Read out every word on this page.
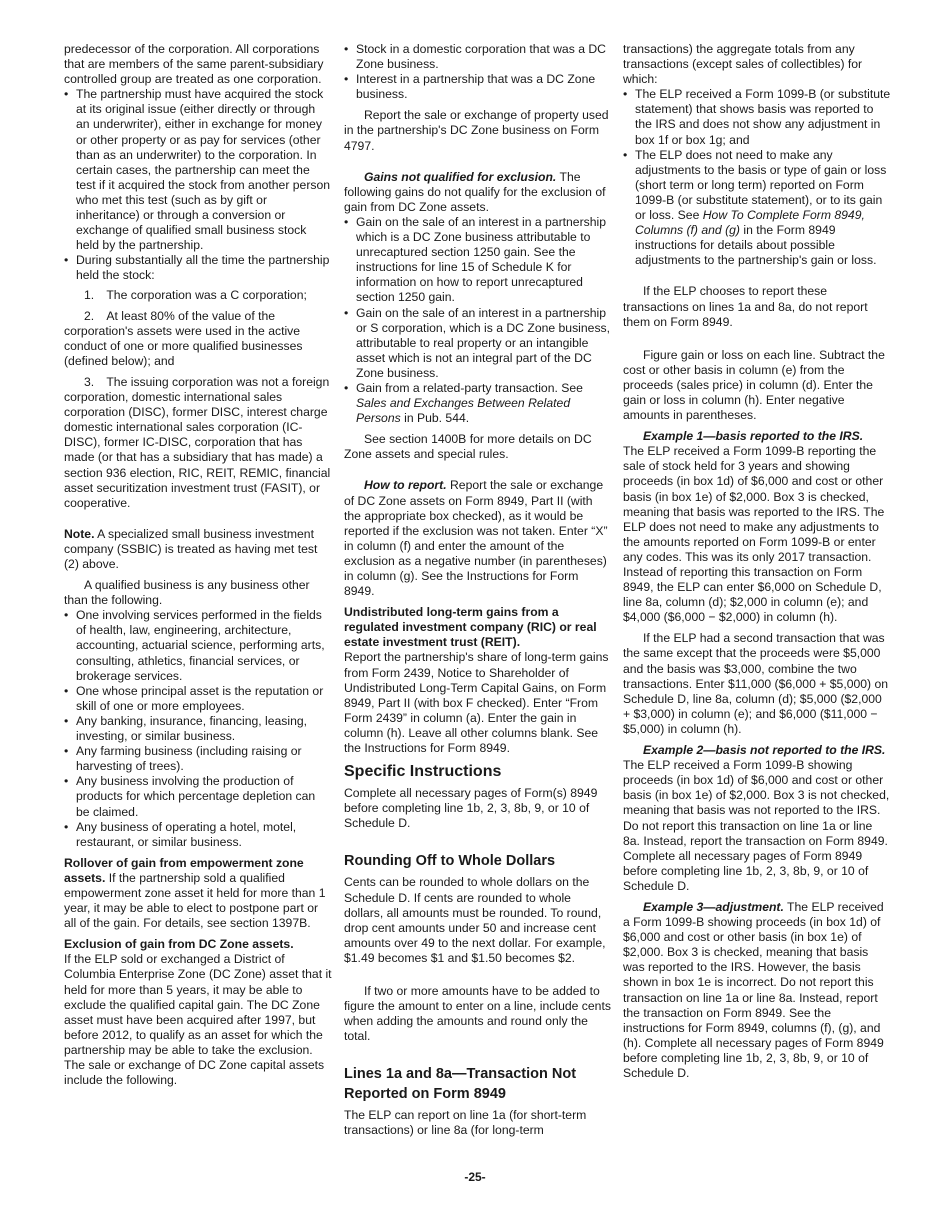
predecessor of the corporation. All corporations that are members of the same parent-subsidiary controlled group are treated as one corporation.

• The partnership must have acquired the stock at its original issue (either directly or through an underwriter), either in exchange for money or other property or as pay for services (other than as an underwriter) to the corporation. In certain cases, the partnership can meet the test if it acquired the stock from another person who met this test (such as by gift or inheritance) or through a conversion or exchange of qualified small business stock held by the partnership.

• During substantially all the time the partnership held the stock:

1. The corporation was a C corporation;

2. At least 80% of the value of the corporation's assets were used in the active conduct of one or more qualified businesses (defined below); and

3. The issuing corporation was not a foreign corporation, domestic international sales corporation (DISC), former DISC, interest charge domestic international sales corporation (IC-DISC), former IC-DISC, corporation that has made (or that has a subsidiary that has made) a section 936 election, RIC, REIT, REMIC, financial asset securitization investment trust (FASIT), or cooperative.

Note. A specialized small business investment company (SSBIC) is treated as having met test (2) above.

A qualified business is any business other than the following.

• One involving services performed in the fields of health, law, engineering, architecture, accounting, actuarial science, performing arts, consulting, athletics, financial services, or brokerage services.

• One whose principal asset is the reputation or skill of one or more employees.

• Any banking, insurance, financing, leasing, investing, or similar business.

• Any farming business (including raising or harvesting of trees).

• Any business involving the production of products for which percentage depletion can be claimed.

• Any business of operating a hotel, motel, restaurant, or similar business.

Rollover of gain from empowerment zone assets. If the partnership sold a qualified empowerment zone asset it held for more than 1 year, it may be able to elect to postpone part or all of the gain. For details, see section 1397B.

Exclusion of gain from DC Zone assets.

If the ELP sold or exchanged a District of Columbia Enterprise Zone (DC Zone) asset that it held for more than 5 years, it may be able to exclude the qualified capital gain. The DC Zone asset must have been acquired after 1997, but before 2012, to qualify as an asset for which the partnership may be able to take the exclusion. The sale or exchange of DC Zone capital assets include the following.

• Stock in a domestic corporation that was a DC Zone business.

• Interest in a partnership that was a DC Zone business.

Report the sale or exchange of property used in the partnership's DC Zone business on Form 4797.

Gains not qualified for exclusion. The following gains do not qualify for the exclusion of gain from DC Zone assets.

• Gain on the sale of an interest in a partnership which is a DC Zone business attributable to unrecaptured section 1250 gain. See the instructions for line 15 of Schedule K for information on how to report unrecaptured section 1250 gain.

• Gain on the sale of an interest in a partnership or S corporation, which is a DC Zone business, attributable to real property or an intangible asset which is not an integral part of the DC Zone business.

• Gain from a related-party transaction. See Sales and Exchanges Between Related Persons in Pub. 544.

See section 1400B for more details on DC Zone assets and special rules.

How to report. Report the sale or exchange of DC Zone assets on Form 8949, Part II (with the appropriate box checked), as it would be reported if the exclusion was not taken. Enter “X” in column (f) and enter the amount of the exclusion as a negative number (in parentheses) in column (g). See the Instructions for Form 8949.

Undistributed long-term gains from a regulated investment company (RIC) or real estate investment trust (REIT).

Report the partnership's share of long-term gains from Form 2439, Notice to Shareholder of Undistributed Long-Term Capital Gains, on Form 8949, Part II (with box F checked). Enter “From Form 2439” in column (a). Enter the gain in column (h). Leave all other columns blank. See the Instructions for Form 8949.

Specific Instructions

Complete all necessary pages of Form(s) 8949 before completing line 1b, 2, 3, 8b, 9, or 10 of Schedule D.

Rounding Off to Whole Dollars

Cents can be rounded to whole dollars on the Schedule D. If cents are rounded to whole dollars, all amounts must be rounded. To round, drop cent amounts under 50 and increase cent amounts over 49 to the next dollar. For example, $1.49 becomes $1 and $1.50 becomes $2.

If two or more amounts have to be added to figure the amount to enter on a line, include cents when adding the amounts and round only the total.

Lines 1a and 8a—Transaction Not Reported on Form 8949

The ELP can report on line 1a (for short-term transactions) or line 8a (for long-term

transactions) the aggregate totals from any transactions (except sales of collectibles) for which:

• The ELP received a Form 1099-B (or substitute statement) that shows basis was reported to the IRS and does not show any adjustment in box 1f or box 1g; and

• The ELP does not need to make any adjustments to the basis or type of gain or loss (short term or long term) reported on Form 1099-B (or substitute statement), or to its gain or loss. See How To Complete Form 8949, Columns (f) and (g) in the Form 8949 instructions for details about possible adjustments to the partnership's gain or loss.

If the ELP chooses to report these transactions on lines 1a and 8a, do not report them on Form 8949.

Figure gain or loss on each line. Subtract the cost or other basis in column (e) from the proceeds (sales price) in column (d). Enter the gain or loss in column (h). Enter negative amounts in parentheses.

Example 1—basis reported to the IRS.

The ELP received a Form 1099-B reporting the sale of stock held for 3 years and showing proceeds (in box 1d) of $6,000 and cost or other basis (in box 1e) of $2,000. Box 3 is checked, meaning that basis was reported to the IRS. The ELP does not need to make any adjustments to the amounts reported on Form 1099-B or enter any codes. This was its only 2017 transaction. Instead of reporting this transaction on Form 8949, the ELP can enter $6,000 on Schedule D, line 8a, column (d); $2,000 in column (e); and $4,000 ($6,000 − $2,000) in column (h).

If the ELP had a second transaction that was the same except that the proceeds were $5,000 and the basis was $3,000, combine the two transactions. Enter $11,000 ($6,000 + $5,000) on Schedule D, line 8a, column (d); $5,000 ($2,000 + $3,000) in column (e); and $6,000 ($11,000 − $5,000) in column (h).

Example 2—basis not reported to the IRS. The ELP received a Form 1099-B showing proceeds (in box 1d) of $6,000 and cost or other basis (in box 1e) of $2,000. Box 3 is not checked, meaning that basis was not reported to the IRS. Do not report this transaction on line 1a or line 8a. Instead, report the transaction on Form 8949. Complete all necessary pages of Form 8949 before completing line 1b, 2, 3, 8b, 9, or 10 of Schedule D.

Example 3—adjustment. The ELP received a Form 1099-B showing proceeds (in box 1d) of $6,000 and cost or other basis (in box 1e) of $2,000. Box 3 is checked, meaning that basis was reported to the IRS. However, the basis shown in box 1e is incorrect. Do not report this transaction on line 1a or line 8a. Instead, report the transaction on Form 8949. See the instructions for Form 8949, columns (f), (g), and (h). Complete all necessary pages of Form 8949 before completing line 1b, 2, 3, 8b, 9, or 10 of Schedule D.

-25-
